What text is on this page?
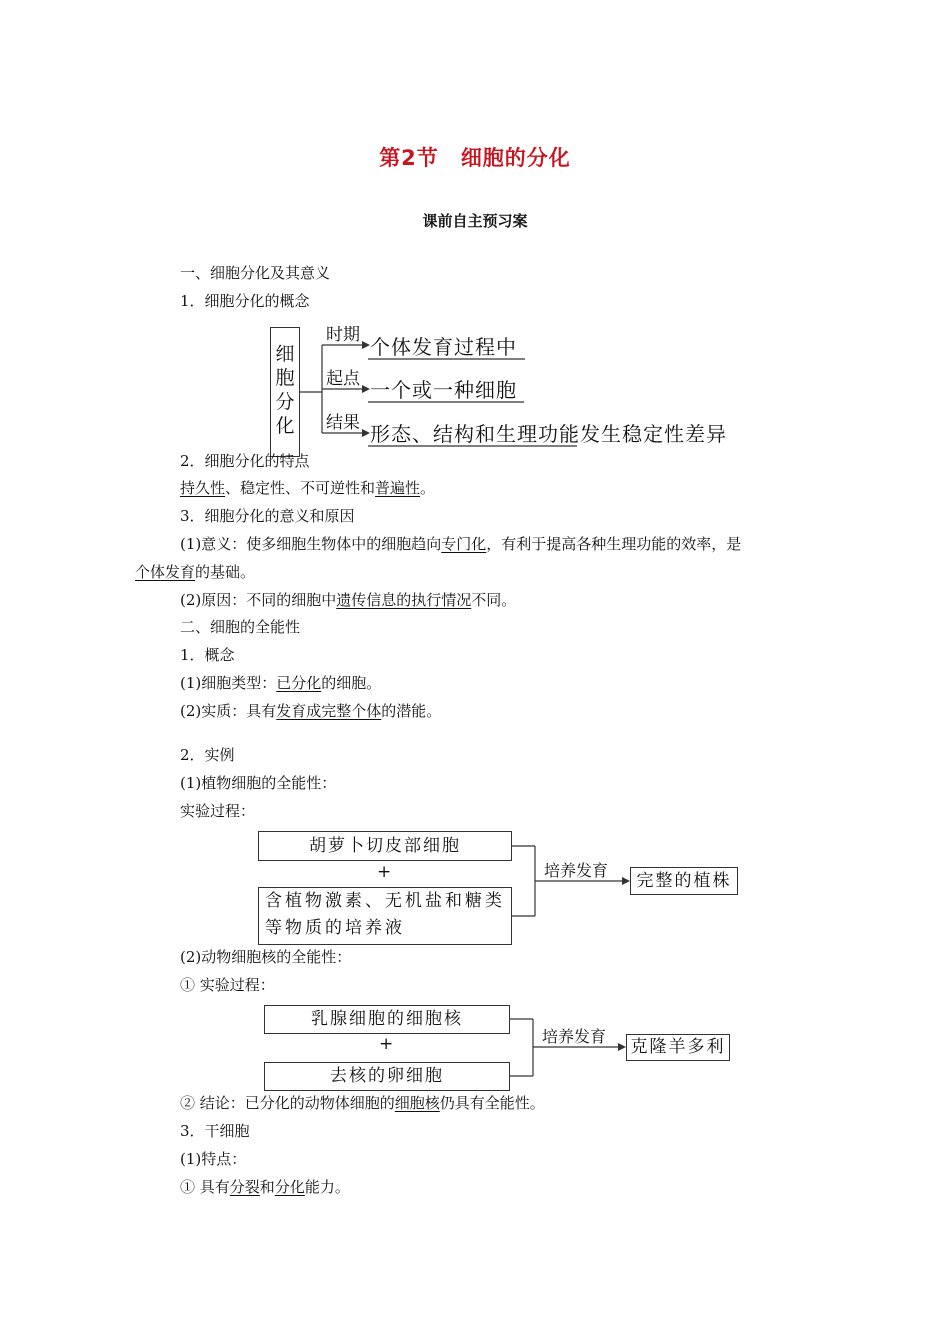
第2节 细胞的分化
课前自主预习案
一、细胞分化及其意义
1．细胞分化的概念
细
胞
分
化
时期
起点
结果
个体发育过程中
一个或一种细胞
形态、结构和生理功能发生稳定性差异
2．细胞分化的特点
持久性、稳定性、不可逆性和普遍性。
3．细胞分化的意义和原因
(1)意义：使多细胞生物体中的细胞趋向专门化，有利于提高各种生理功能的效率，是
个体发育的基础。
(2)原因：不同的细胞中遗传信息的执行情况不同。
二、细胞的全能性
1．概念
(1)细胞类型：已分化的细胞。
(2)实质：具有发育成完整个体的潜能。
2．实例
(1)植物细胞的全能性：
实验过程：
胡萝卜切皮部细胞
+
含植物激素、无机盐和糖类
等物质的培养液
培养发育
完整的植株
(2)动物细胞核的全能性：
① 实验过程：
乳腺细胞的细胞核
+
去核的卵细胞
培养发育
克隆羊多利
② 结论：已分化的动物体细胞的细胞核仍具有全能性。
3．干细胞
(1)特点：
① 具有分裂和分化能力。
